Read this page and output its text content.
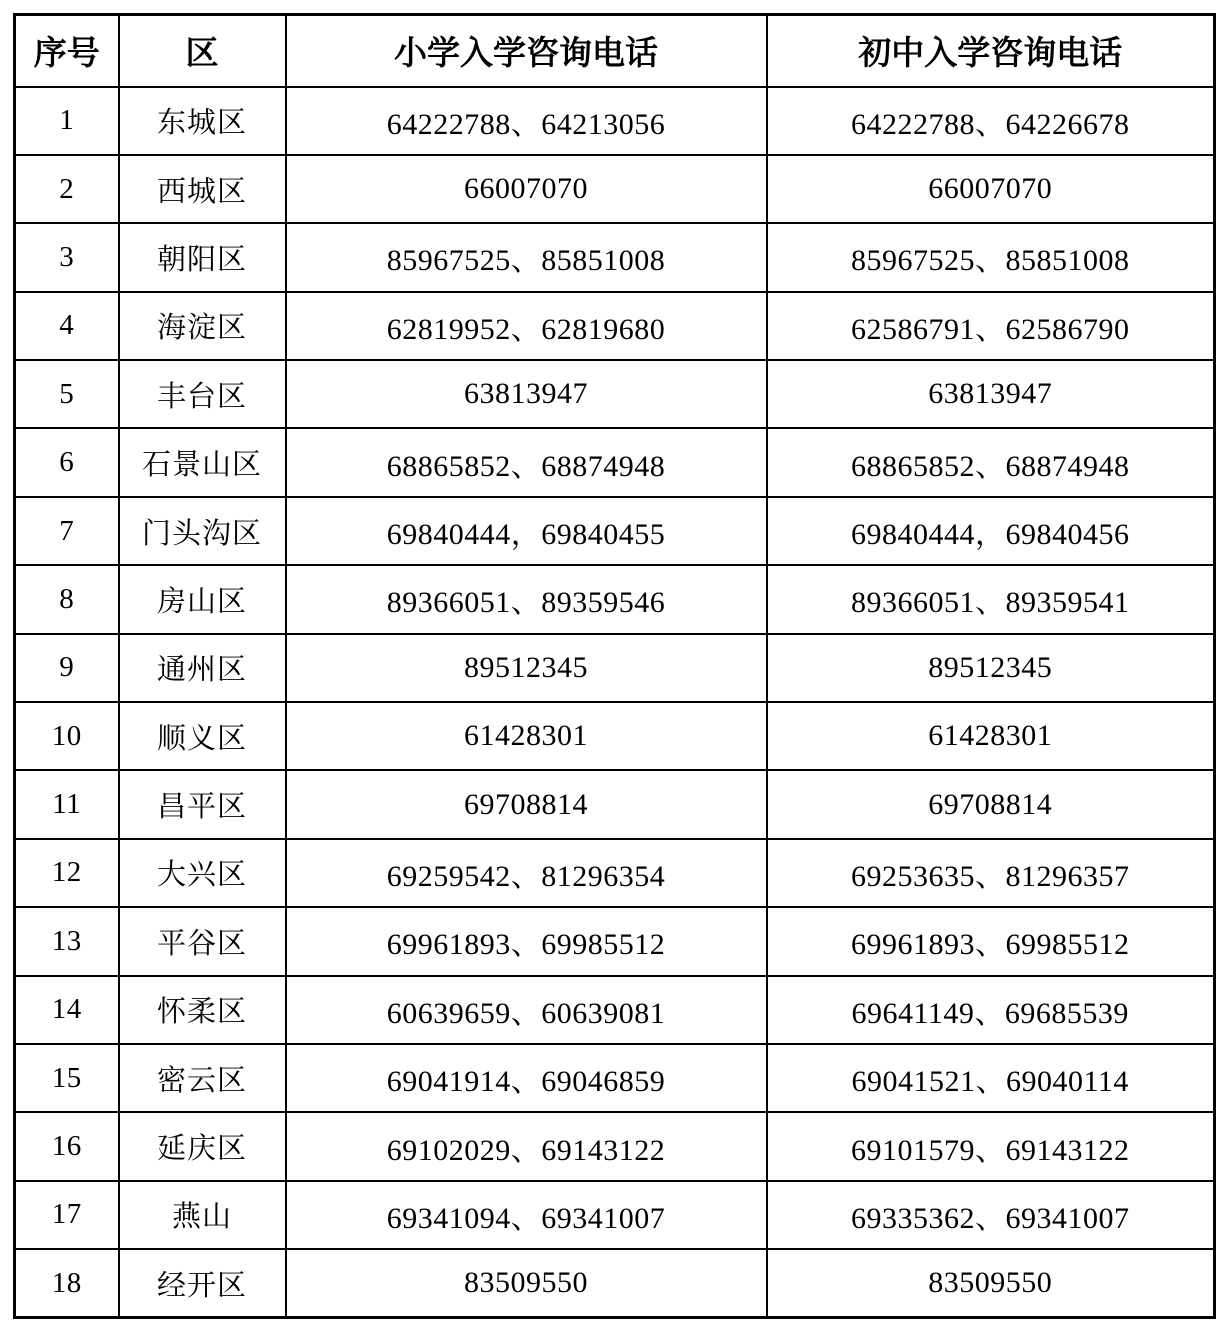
序号	区	小学入学咨询电话	初中入学咨询电话
1	东城区	64222788、64213056	64222788、64226678
2	西城区	66007070	66007070
3	朝阳区	85967525、85851008	85967525、85851008
4	海淀区	62819952、62819680	62586791、62586790
5	丰台区	63813947	63813947
6	石景山区	68865852、68874948	68865852、68874948
7	门头沟区	69840444，69840455	69840444，69840456
8	房山区	89366051、89359546	89366051、89359541
9	通州区	89512345	89512345
10	顺义区	61428301	61428301
11	昌平区	69708814	69708814
12	大兴区	69259542、81296354	69253635、81296357
13	平谷区	69961893、69985512	69961893、69985512
14	怀柔区	60639659、60639081	69641149、69685539
15	密云区	69041914、69046859	69041521、69040114
16	延庆区	69102029、69143122	69101579、69143122
17	燕山	69341094、69341007	69335362、69341007
18	经开区	83509550	83509550
